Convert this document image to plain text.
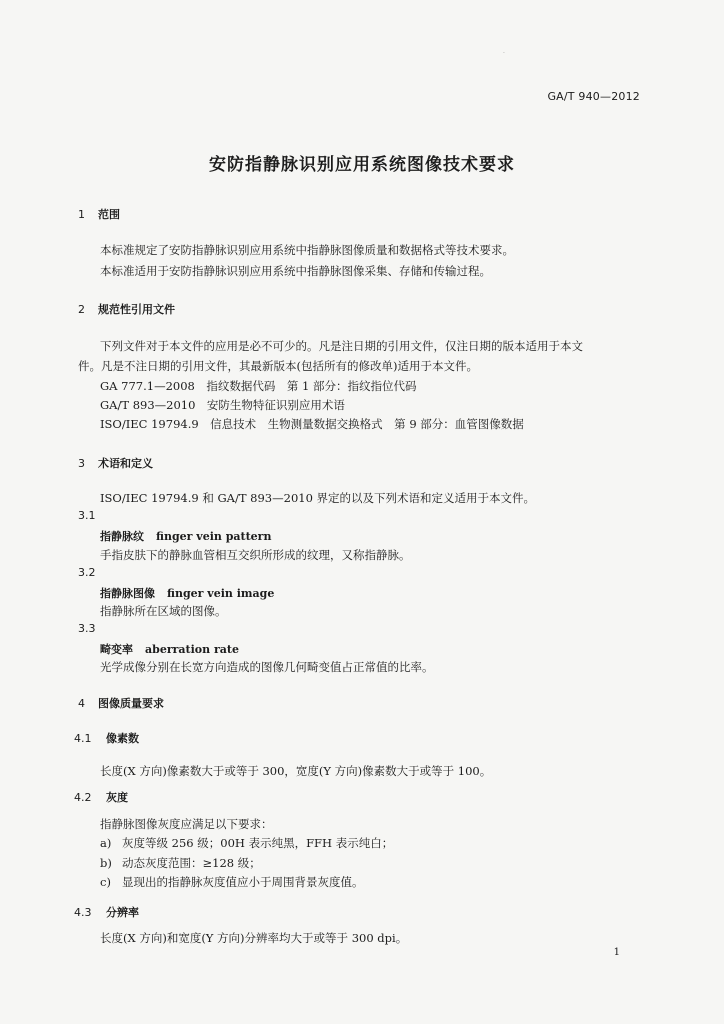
·
GA/T 940—2012
安防指静脉识别应用系统图像技术要求
1 范围
本标准规定了安防指静脉识别应用系统中指静脉图像质量和数据格式等技术要求。
本标准适用于安防指静脉识别应用系统中指静脉图像采集、存储和传输过程。
2 规范性引用文件
下列文件对于本文件的应用是必不可少的。凡是注日期的引用文件，仅注日期的版本适用于本文
件。凡是不注日期的引用文件，其最新版本(包括所有的修改单)适用于本文件。
GA 777.1—2008　指纹数据代码　第 1 部分：指纹指位代码
GA/T 893—2010　安防生物特征识别应用术语
ISO/IEC 19794.9　信息技术　生物测量数据交换格式　第 9 部分：血管图像数据
3 术语和定义
ISO/IEC 19794.9 和 GA/T 893—2010 界定的以及下列术语和定义适用于本文件。
3.1
指静脉纹 finger vein pattern
手指皮肤下的静脉血管相互交织所形成的纹理，又称指静脉。
3.2
指静脉图像 finger vein image
指静脉所在区域的图像。
3.3
畸变率 aberration rate
光学成像分别在长宽方向造成的图像几何畸变值占正常值的比率。
4 图像质量要求
4.1 像素数
长度(X 方向)像素数大于或等于 300，宽度(Y 方向)像素数大于或等于 100。
4.2 灰度
指静脉图像灰度应满足以下要求：
a) 灰度等级 256 级；00H 表示纯黑，FFH 表示纯白；
b) 动态灰度范围：≥128 级；
c) 显现出的指静脉灰度值应小于周围背景灰度值。
4.3 分辨率
长度(X 方向)和宽度(Y 方向)分辨率均大于或等于 300 dpi。
1
